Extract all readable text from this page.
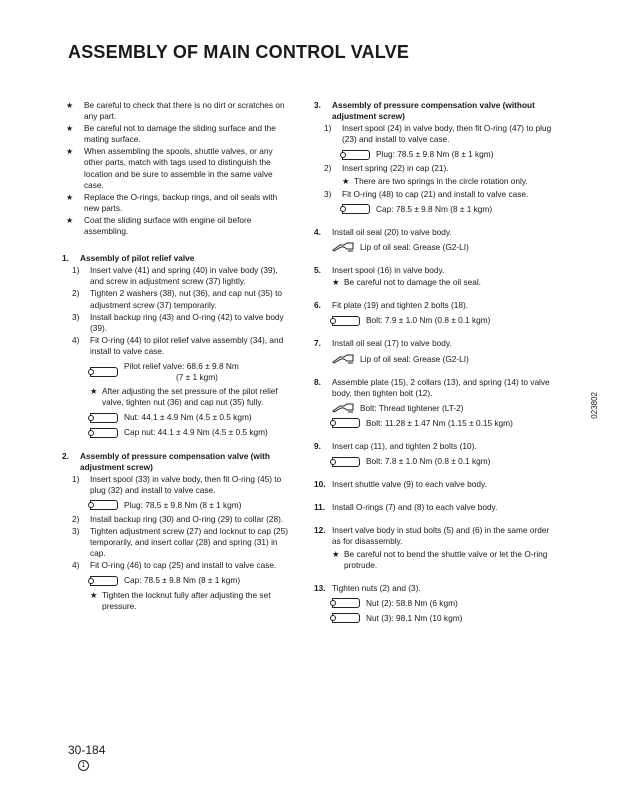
ASSEMBLY OF MAIN CONTROL VALVE
★ Be careful to check that there is no dirt or scratches on any part.
★ Be careful not to damage the sliding surface and the mating surface.
★ When assembling the spools, shuttle valves, or any other parts, match with tags used to distinguish the location and be sure to assemble in the same valve case.
★ Replace the O-rings, backup rings, and oil seals with new parts.
★ Coat the sliding surface with engine oil before assembling.
1.	Assembly of pilot relief valve
1)	Insert valve (41) and spring (40) in valve body (39), and screw in adjustment screw (37) lightly.
2)	Tighten 2 washers (38), nut (36), and cap nut (35) to adjustment screw (37) temporarily.
3)	Install backup ring (43) and O-ring (42) to valve body (39).
4)	Fit O-ring (44) to pilot relief valve assembly (34), and install to valve case.
Pilot relief valve: 68.6 ± 9.8 Nm
(7 ± 1 kgm)
★ After adjusting the set pressure of the pilot relief valve, tighten nut (36) and cap nut (35) fully.
Nut: 44.1 ± 4.9 Nm (4.5 ± 0.5 kgm)
Cap nut: 44.1 ± 4.9 Nm (4.5 ± 0.5 kgm)
2.	Assembly of pressure compensation valve (with adjustment screw)
1)	Insert spool (33) in valve body, then fit O-ring (45) to plug (32) and install to valve case.
Plug: 78.5 ± 9.8 Nm (8 ± 1 kgm)
2)	Install backup ring (30) and O-ring (29) to collar (28).
3)	Tighten adjustment screw (27) and locknut to cap (25) temporarily, and insert collar (28) and spring (31) in cap.
4)	Fit O-ring (46) to cap (25) and install to valve case.
Cap: 78.5 ± 9.8 Nm (8 ± 1 kgm)
★ Tighten the locknut fully after adjusting the set pressure.
3.	Assembly of pressure compensation valve (without adjustment screw)
1)	Insert spool (24) in valve body, then fit O-ring (47) to plug (23) and install to valve case.
Plug: 78.5 ± 9.8 Nm (8 ± 1 kgm)
2)	Insert spring (22) in cap (21).
★ There are two springs in the circle rotation only.
3)	Fit O-ring (48) to cap (21) and install to valve case.
Cap: 78.5 ± 9.8 Nm (8 ± 1 kgm)
4.	Install oil seal (20) to valve body.
Lip of oil seal: Grease (G2-LI)
5.	Insert spool (16) in valve body.
★ Be careful not to damage the oil seal.
6.	Fit plate (19) and tighten 2 bolts (18).
Bolt: 7.9 ± 1.0 Nm (0.8 ± 0.1 kgm)
7.	Install oil seal (17) to valve body.
Lip of oil seal: Grease (G2-LI)
8.	Assemble plate (15), 2 collars (13), and spring (14) to valve body, then tighten bolt (12).
Bolt: Thread tightener (LT-2)
Bolt: 11.28 ± 1.47 Nm (1.15 ± 0.15 kgm)
9.	Insert cap (11), and tighten 2 bolts (10).
Bolt: 7.8 ± 1.0 Nm (0.8 ± 0.1 kgm)
10. Insert shuttle valve (9) to each valve body.
11. Install O-rings (7) and (8) to each valve body.
12. Insert valve body in stud bolts (5) and (6) in the same order as for disassembly.
★ Be careful not to bend the shuttle valve or let the O-ring protrude.
13. Tighten nuts (2) and (3).
Nut (2): 58.8 Nm (6 kgm)
Nut (3): 98.1 Nm (10 kgm)
023802
30-184
1
